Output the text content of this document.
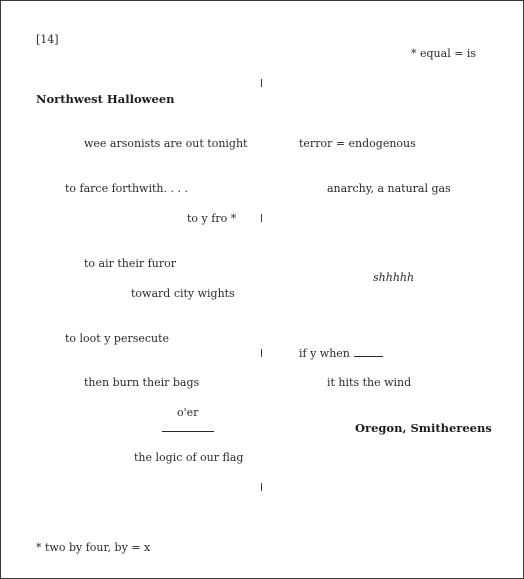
[14]
* equal = is
Northwest Halloween
wee arsonists are out tonight
to farce forthwith. . . .
to y fro *
to air their furor
toward city wights
to loot y persecute
then burn their bags
o'er
the logic of our flag
terror = endogenous
anarchy, a natural gas
shhhhh
if y when
it hits the wind
Oregon, Smithereens
* two by four, by = x
